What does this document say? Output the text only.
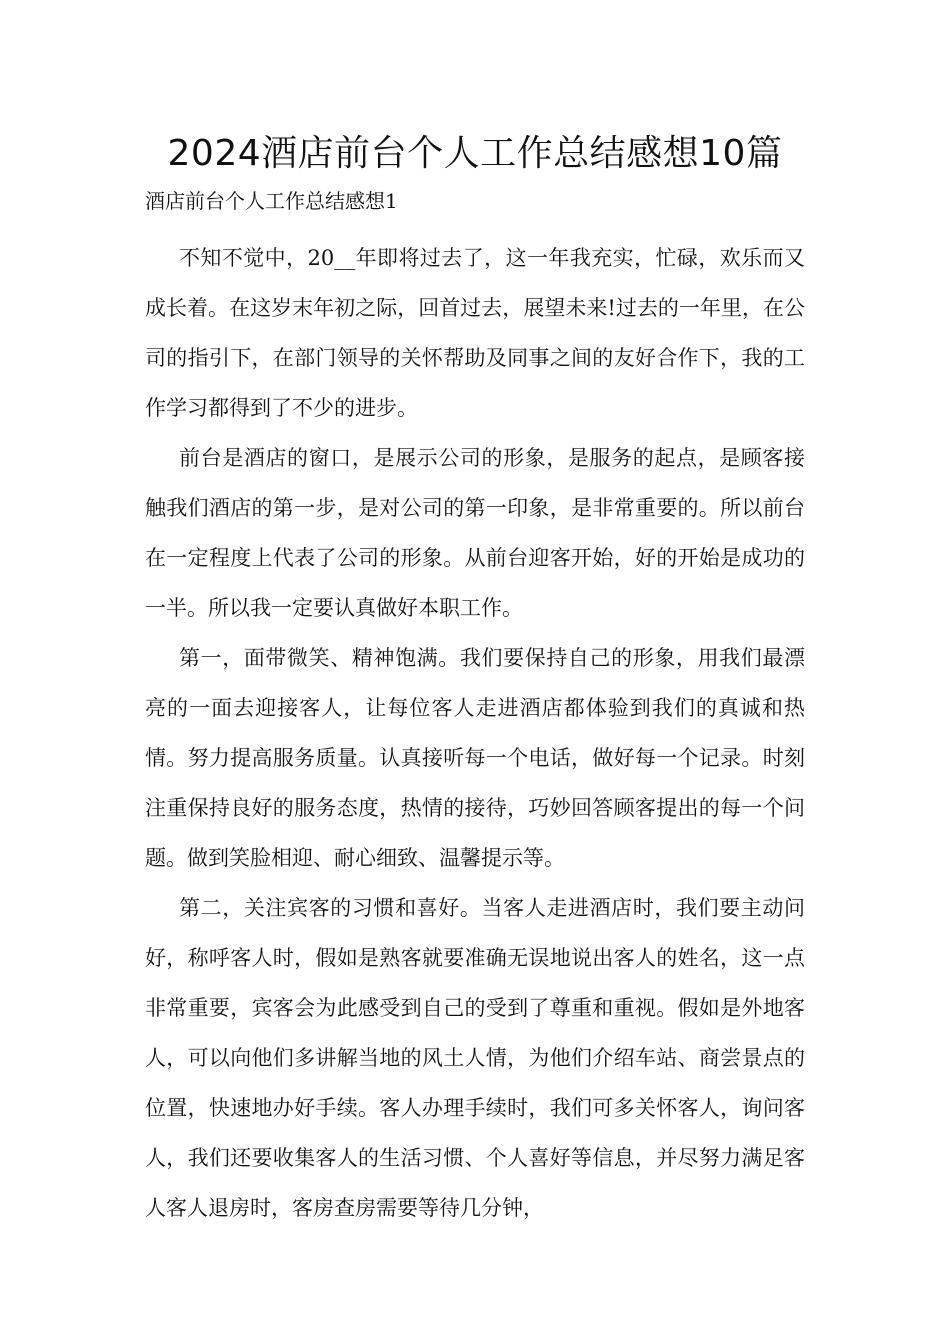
2024酒店前台个人工作总结感想10篇

酒店前台个人工作总结感想1

不知不觉中，20__年即将过去了，这一年我充实，忙碌，欢乐而又成长着。在这岁末年初之际，回首过去，展望未来!过去的一年里，在公司的指引下，在部门领导的关怀帮助及同事之间的友好合作下，我的工作学习都得到了不少的进步。

前台是酒店的窗口，是展示公司的形象，是服务的起点，是顾客接触我们酒店的第一步，是对公司的第一印象，是非常重要的。所以前台在一定程度上代表了公司的形象。从前台迎客开始，好的开始是成功的一半。所以我一定要认真做好本职工作。

第一，面带微笑、精神饱满。我们要保持自己的形象，用我们最漂亮的一面去迎接客人，让每位客人走进酒店都体验到我们的真诚和热情。努力提高服务质量。认真接听每一个电话，做好每一个记录。时刻注重保持良好的服务态度，热情的接待，巧妙回答顾客提出的每一个问题。做到笑脸相迎、耐心细致、温馨提示等。

第二，关注宾客的习惯和喜好。当客人走进酒店时，我们要主动问好，称呼客人时，假如是熟客就要准确无误地说出客人的姓名，这一点非常重要，宾客会为此感受到自己的受到了尊重和重视。假如是外地客人，可以向他们多讲解当地的风土人情，为他们介绍车站、商尝景点的位置，快速地办好手续。客人办理手续时，我们可多关怀客人，询问客人，我们还要收集客人的生活习惯、个人喜好等信息，并尽努力满足客人客人退房时，客房查房需要等待几分钟，
